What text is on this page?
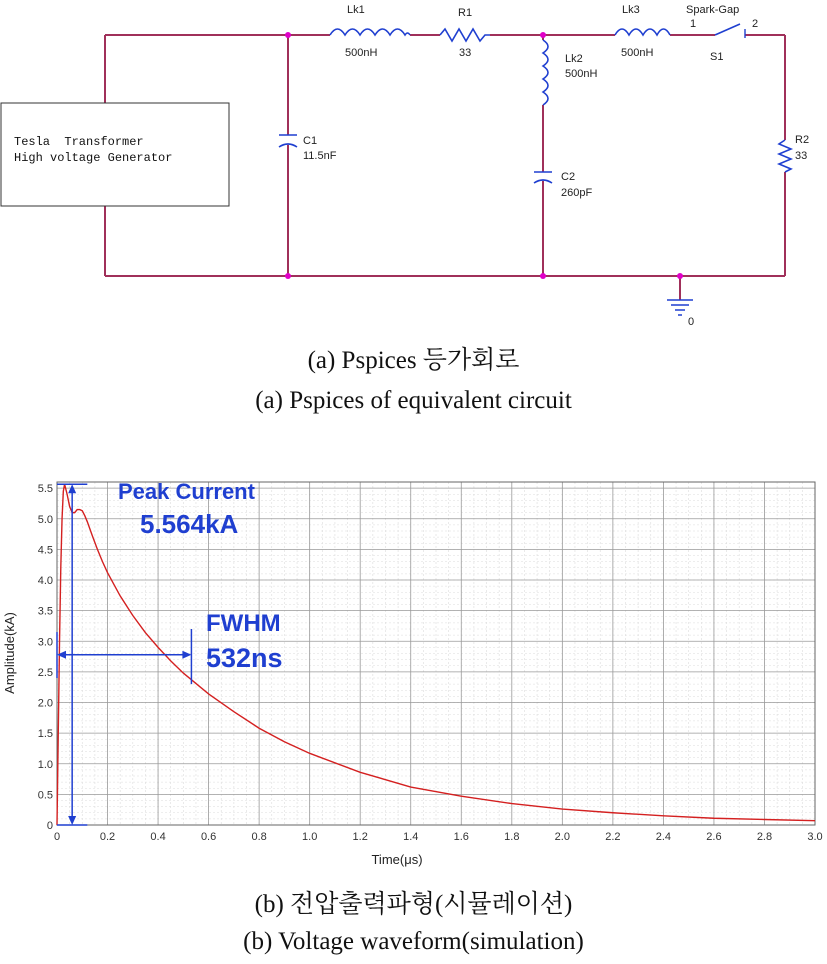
Tesla  Transformer
High voltage Generator
Lk1
500nH
R1
33	Lk2
500nH
C1
11.5nF
C2
260pF
Lk3
500nH
Spark-Gap
1	2
S1
R2
33
0
(a) Pspices 등가회로
(a) Pspices of equivalent circuit
0	0.2	0.4	0.6	0.8	1.0	1.2	1.4	1.6	1.8	2.0	2.2	2.4	2.6	2.8	3.0
0
0.5
1.0
1.5
2.0
2.5
3.0
3.5
4.0
4.5
5.0
5.5
Time(μs)
Amplitude(kA)
Peak Current
5.564kA
FWHM
532ns
(b) 전압출력파형(시뮬레이션)
(b) Voltage waveform(simulation)
